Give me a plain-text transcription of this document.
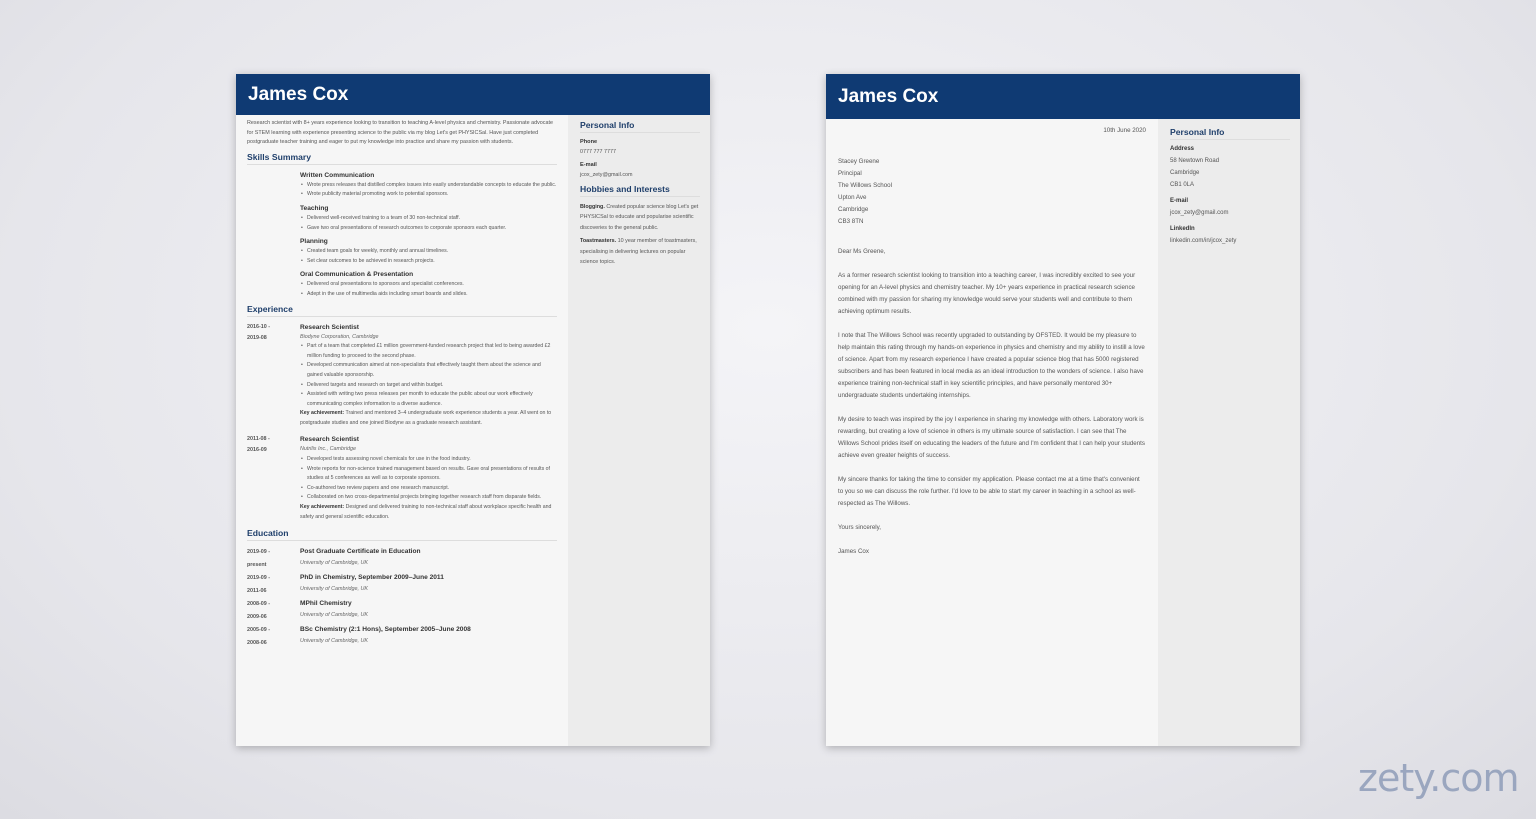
James Cox

Research scientist with 8+ years experience looking to transition to teaching A-level physics and chemistry. Passionate advocate for STEM learning with experience presenting science to the public via my blog Let's get PHYSICSal. Have just completed postgraduate teacher training and eager to put my knowledge into practice and share my passion with students.

Skills Summary
Written Communication
• Wrote press releases that distilled complex issues into easily understandable concepts to educate the public.
• Wrote publicity material promoting work to potential sponsors.
Teaching
• Delivered well-received training to a team of 30 non-technical staff.
• Gave two oral presentations of research outcomes to corporate sponsors each quarter.
Planning
• Created team goals for weekly, monthly and annual timelines.
• Set clear outcomes to be achieved in research projects.
Oral Communication & Presentation
• Delivered oral presentations to sponsors and specialist conferences.
• Adept in the use of multimedia aids including smart boards and slides.
Experience
2016-10 -
2019-08
Research Scientist
Biodyne Corporation, Cambridge
• Part of a team that completed £1 million government-funded research project that led to being awarded £2 million funding to proceed to the second phase.
• Developed communication aimed at non-specialists that effectively taught them about the science and gained valuable sponsorship.
• Delivered targets and research on target and within budget.
• Assisted with writing two press releases per month to educate the public about our work effectively communicating complex information to a diverse audience.
Key achievement: Trained and mentored 3–4 undergraduate work experience students a year. All went on to postgraduate studies and one joined Biodyne as a graduate research assistant.
2011-08 -
2016-09
Research Scientist
Nutrilis Inc., Cambridge
• Developed tests assessing novel chemicals for use in the food industry.
• Wrote reports for non-science trained management based on results. Gave oral presentations of results of studies at 5 conferences as well as to corporate sponsors.
• Co-authored two review papers and one research manuscript.
• Collaborated on two cross-departmental projects bringing together research staff from disparate fields.
Key achievement: Designed and delivered training to non-technical staff about workplace specific health and safety and general scientific education.
Education
2019-09 -
present
Post Graduate Certificate in Education
University of Cambridge, UK
2019-09 -
2011-06
PhD in Chemistry, September 2009–June 2011
University of Cambridge, UK
2008-09 -
2009-06
MPhil Chemistry
University of Cambridge, UK
2005-09 -
2008-06
BSc Chemistry (2:1 Hons), September 2005–June 2008
University of Cambridge, UK
Personal Info
Phone
0777 777 7777
E-mail
jcox_zety@gmail.com
Hobbies and Interests
Blogging. Created popular science blog Let's get PHYSICSal to educate and popularise scientific discoveries to the general public.
Toastmasters. 10 year member of toastmasters, specialising in delivering lectures on popular science topics.
James Cox
10th June 2020
Stacey Greene
Principal
The Willows School
Upton Ave
Cambridge
CB3 8TN
Dear Ms Greene,

As a former research scientist looking to transition into a teaching career, I was incredibly excited to see your opening for an A-level physics and chemistry teacher. My 10+ years experience in practical research science combined with my passion for sharing my knowledge would serve your students well and contribute to them achieving optimum results.

I note that The Willows School was recently upgraded to outstanding by OFSTED. It would be my pleasure to help maintain this rating through my hands-on experience in physics and chemistry and my ability to instill a love of science. Apart from my research experience I have created a popular science blog that has 5000 registered subscribers and has been featured in local media as an ideal introduction to the wonders of science. I also have experience training non-technical staff in key scientific principles, and have personally mentored 30+ undergraduate students undertaking internships.

My desire to teach was inspired by the joy I experience in sharing my knowledge with others. Laboratory work is rewarding, but creating a love of science in others is my ultimate source of satisfaction. I can see that The Willows School prides itself on educating the leaders of the future and I'm confident that I can help your students achieve even greater heights of success.

My sincere thanks for taking the time to consider my application. Please contact me at a time that's convenient to you so we can discuss the role further. I'd love to be able to start my career in teaching in a school as well-respected as The Willows.

Yours sincerely,
James Cox
Personal Info
Address
58 Newtown Road
Cambridge
CB1 0LA
E-mail
jcox_zety@gmail.com
LinkedIn
linkedin.com/in/jcox_zety
zety.com
